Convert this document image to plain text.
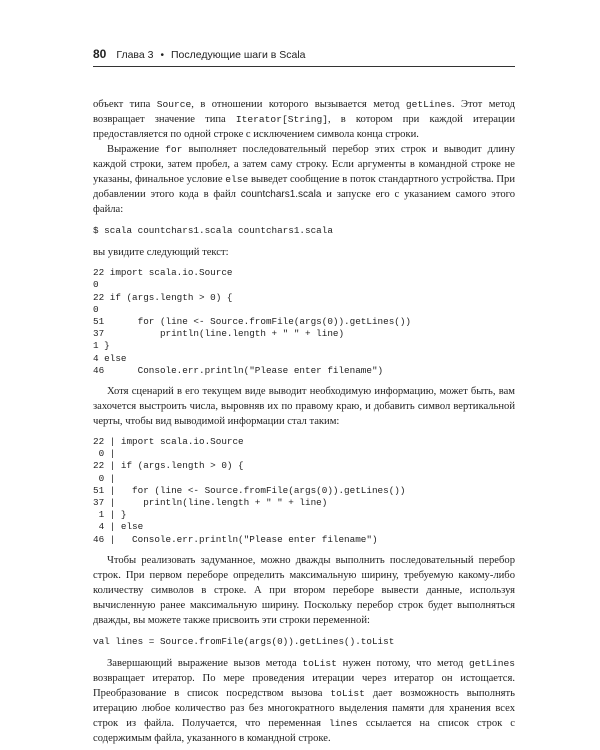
80 Глава 3 • Последующие шаги в Scala

объект типа Source, в отношении которого вызывается метод getLines. Этот метод возвращает значение типа Iterator[String], в котором при каждой итерации предоставляется по одной строке с исключением символа конца строки.

Выражение for выполняет последовательный перебор этих строк и выводит длину каждой строки, затем пробел, а затем саму строку. Если аргументы в командной строке не указаны, финальное условие else выведет сообщение в поток стандартного устройства. При добавлении этого кода в файл countchars1.scala и запуске его с указанием самого этого файла:

$ scala countchars1.scala countchars1.scala

вы увидите следующий текст:

22 import scala.io.Source
0
22 if (args.length > 0) {
0
51      for (line <- Source.fromFile(args(0)).getLines())
37          println(line.length + " " + line)
1 }
4 else
46      Console.err.println("Please enter filename")

Хотя сценарий в его текущем виде выводит необходимую информацию, может быть, вам захочется выстроить числа, выровняв их по правому краю, и добавить символ вертикальной черты, чтобы вид выводимой информации стал таким:

22 | import scala.io.Source
0 |
22 | if (args.length > 0) {
0 |
51 |   for (line <- Source.fromFile(args(0)).getLines())
37 |     println(line.length + " " + line)
1 | }
4 | else
46 |   Console.err.println("Please enter filename")

Чтобы реализовать задуманное, можно дважды выполнить последовательный перебор строк. При первом переборе определить максимальную ширину, требуемую какому-либо количеству символов в строке. А при втором переборе вывести данные, используя вычисленную ранее максимальную ширину. Поскольку перебор строк будет выполняться дважды, вы можете также присвоить эти строки переменной:

val lines = Source.fromFile(args(0)).getLines().toList

Завершающий выражение вызов метода toList нужен потому, что метод getLines возвращает итератор. По мере проведения итерации через итератор он истощается. Преобразование в список посредством вызова toList дает возможность выполнять итерацию любое количество раз без многократного выделения памяти для хранения всех строк из файла. Получается, что переменная lines ссылается на список строк с содержимым файла, указанного в командной строке.
